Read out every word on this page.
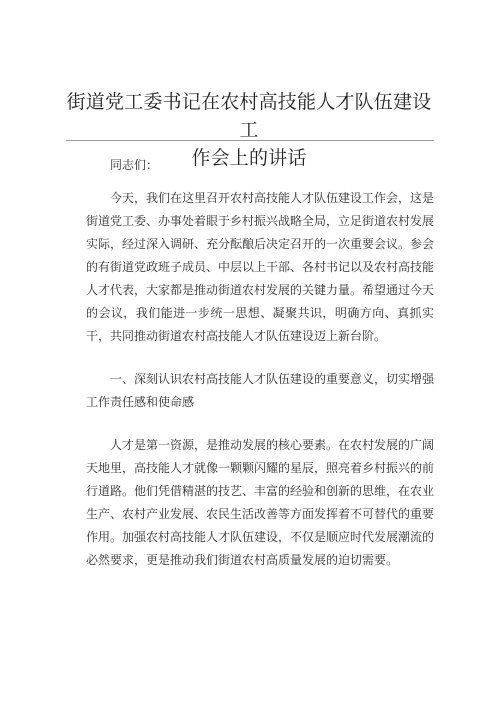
街道党工委书记在农村高技能人才队伍建设工
作会上的讲话

同志们：

今天，我们在这里召开农村高技能人才队伍建设工作会，这是街道党工委、办事处着眼于乡村振兴战略全局，立足街道农村发展实际，经过深入调研、充分酝酿后决定召开的一次重要会议。参会的有街道党政班子成员、中层以上干部、各村书记以及农村高技能人才代表，大家都是推动街道农村发展的关键力量。希望通过今天的会议，我们能进一步统一思想、凝聚共识，明确方向、真抓实干，共同推动街道农村高技能人才队伍建设迈上新台阶。

一、深刻认识农村高技能人才队伍建设的重要意义，切实增强工作责任感和使命感

人才是第一资源，是推动发展的核心要素。在农村发展的广阔天地里，高技能人才就像一颗颗闪耀的星辰，照亮着乡村振兴的前行道路。他们凭借精湛的技艺、丰富的经验和创新的思维，在农业生产、农村产业发展、农民生活改善等方面发挥着不可替代的重要作用。加强农村高技能人才队伍建设，不仅是顺应时代发展潮流的必然要求，更是推动我们街道农村高质量发展的迫切需要。
